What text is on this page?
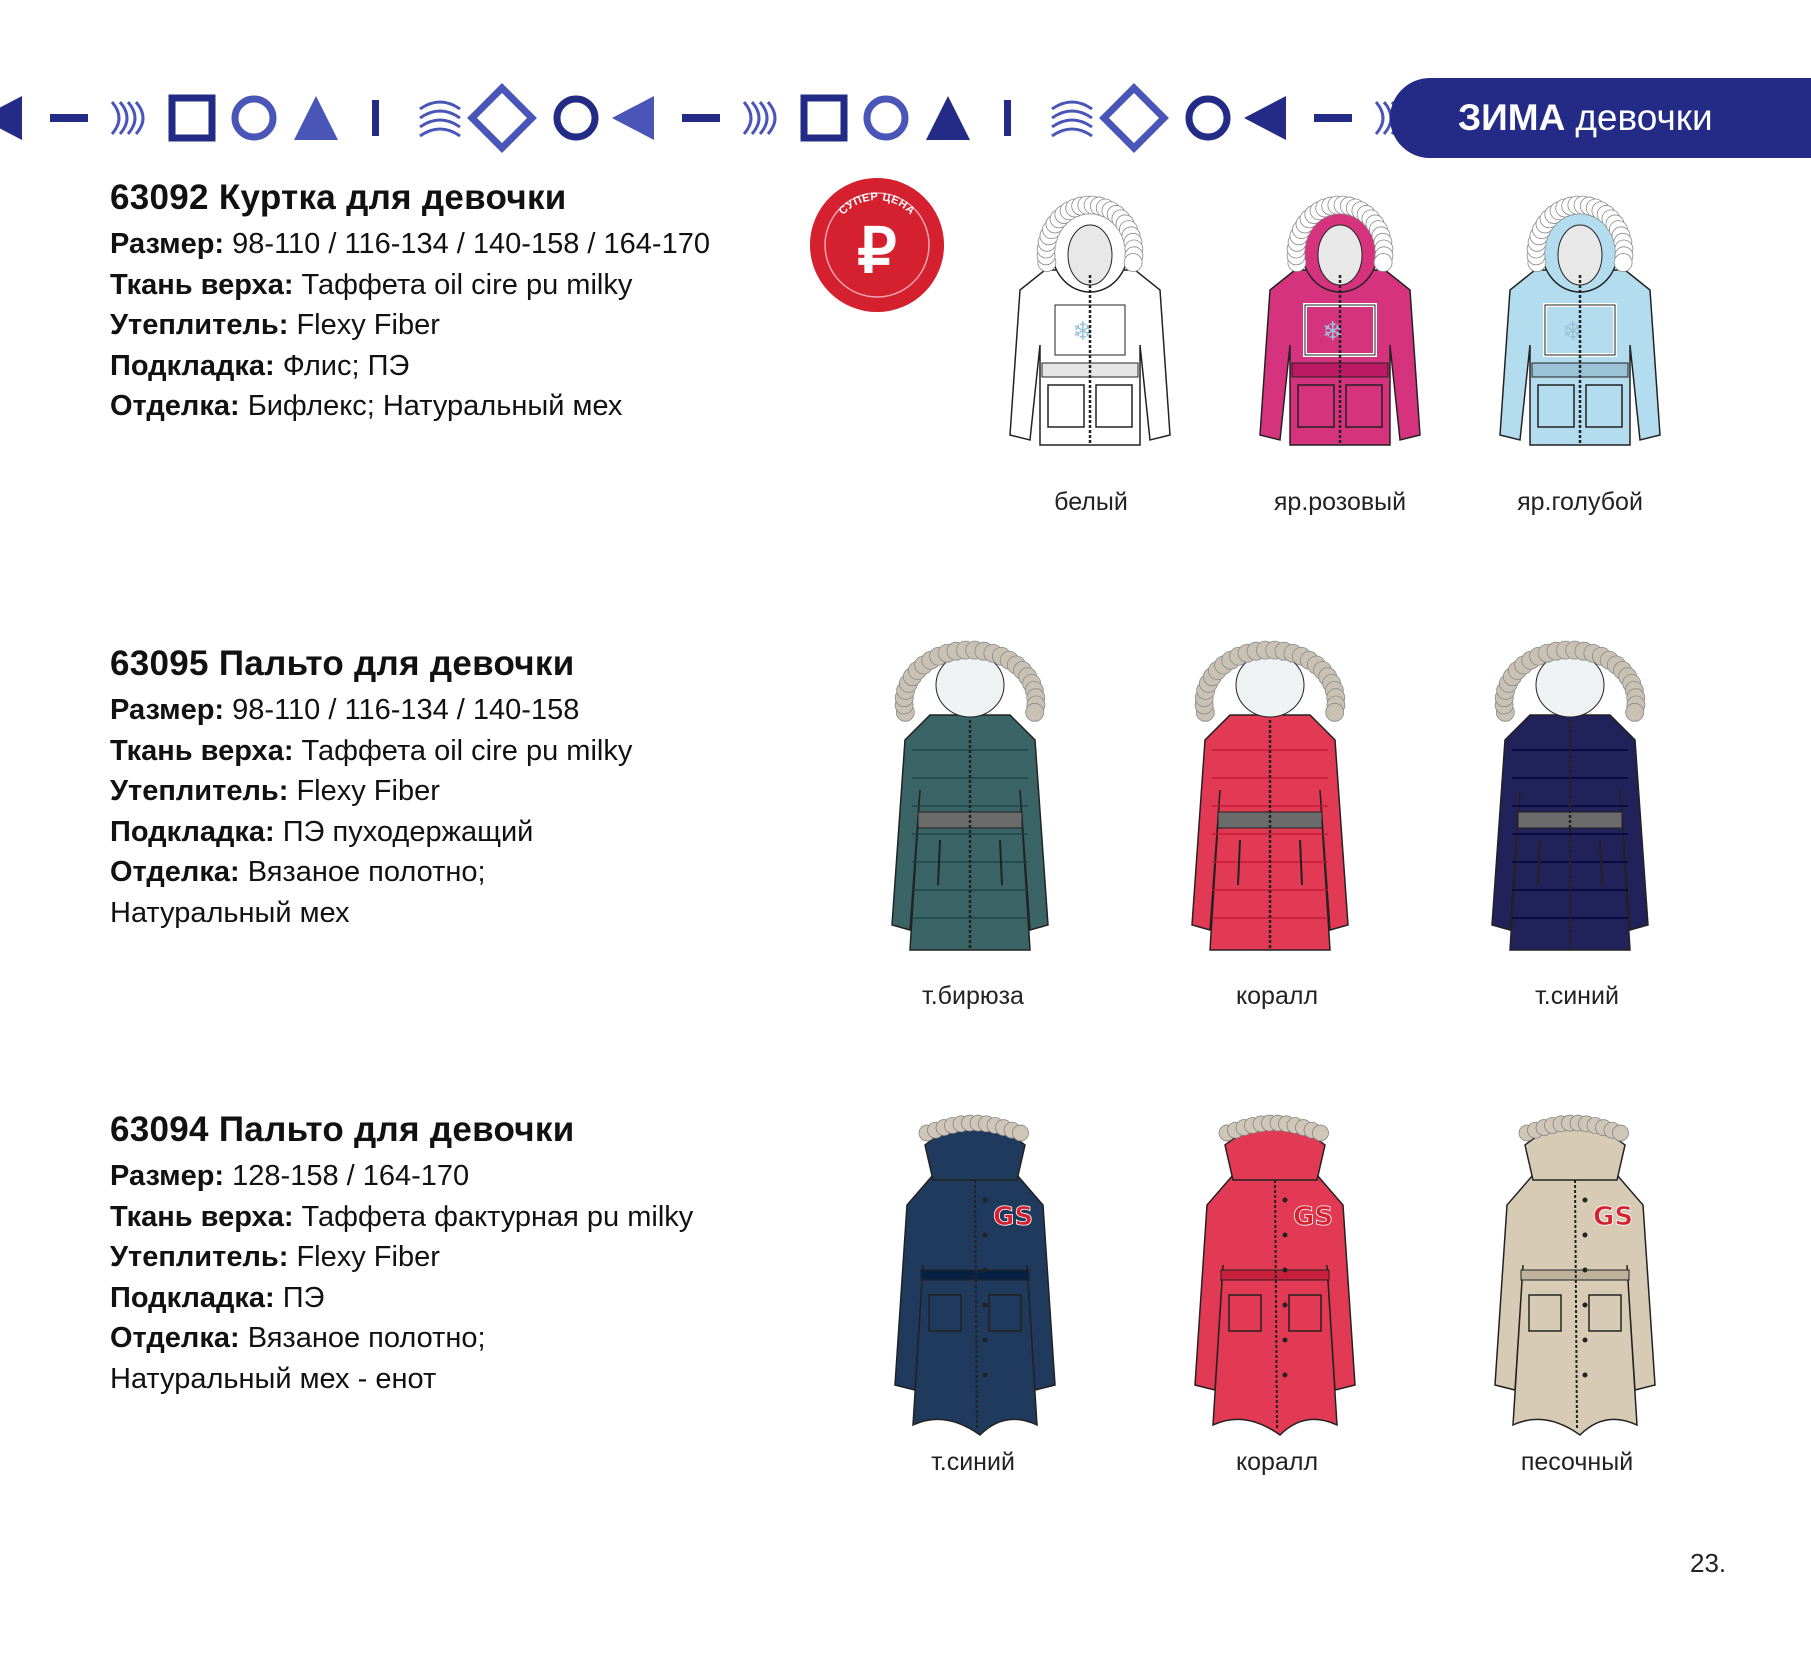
ЗИМА девочки
63092 Куртка для девочки
Размер: 98-110 / 116-134 / 140-158 / 164-170
Ткань верха: Таффета oil cire pu milky
Утеплитель: Flexy Fiber
Подкладка: Флис; ПЭ
Отделка: Бифлекс; Натуральный мех
СУПЕР ЦЕНА
₽
❄	❄	❄
белый	яр.розовый	яр.голубой
63095 Пальто для девочки
Размер: 98-110 / 116-134 / 140-158
Ткань верха: Таффета oil cire pu milky
Утеплитель: Flexy Fiber
Подкладка: ПЭ пуходержащий
Отделка: Вязаное полотно;
Натуральный мех
т.бирюза	коралл	т.синий
63094 Пальто для девочки
Размер: 128-158 / 164-170
Ткань верха: Таффета фактурная pu milky
Утеплитель: Flexy Fiber
Подкладка: ПЭ
Отделка: Вязаное полотно;
Натуральный мех - енот
GS	GS	GS
т.синий	коралл	песочный
23.
